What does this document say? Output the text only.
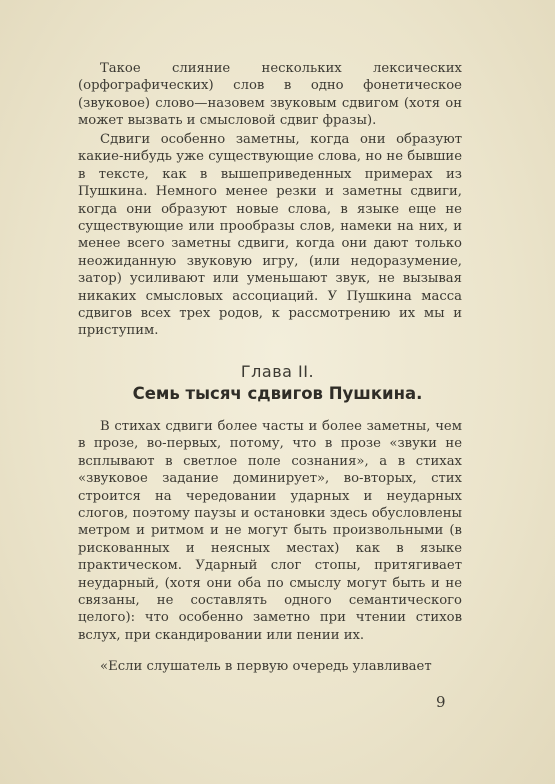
Такое слияние нескольких лексических (орфографических) слов в одно фонетическое (звуковое) слово—назовем звуковым сдвигом (хотя он может вызвать и смысловой сдвиг фразы).

Сдвиги особенно заметны, когда они образуют какие-нибудь уже существующие слова, но не бывшие в тексте, как в вышеприведенных примерах из Пушкина. Немного менее резки и заметны сдвиги, когда они образуют новые слова, в языке еще не существующие или прообразы слов, намеки на них, и менее всего заметны сдвиги, когда они дают только неожиданную звуковую игру, (или недоразумение, затор) усиливают или уменьшают звук, не вызывая никаких смысловых ассоциаций. У Пушкина масса сдвигов всех трех родов, к рассмотрению их мы и приступим.

Глава II.
Семь тысяч сдвигов Пушкина.

В стихах сдвиги более часты и более заметны, чем в прозе, во-первых, потому, что в прозе «звуки не всплывают в светлое поле сознания», а в стихах «звуковое задание доминирует», во-вторых, стих строится на чередовании ударных и неударных слогов, поэтому паузы и остановки здесь обусловлены метром и ритмом и не могут быть произвольными (в рискованных и неясных местах) как в языке практическом. Ударный слог стопы, притягивает неударный, (хотя они оба по смыслу могут быть и не связаны, не составлять одного семантического целого): что особенно заметно при чтении стихов вслух, при скандировании или пении их.

«Если слушатель в первую очередь улавливает

9
